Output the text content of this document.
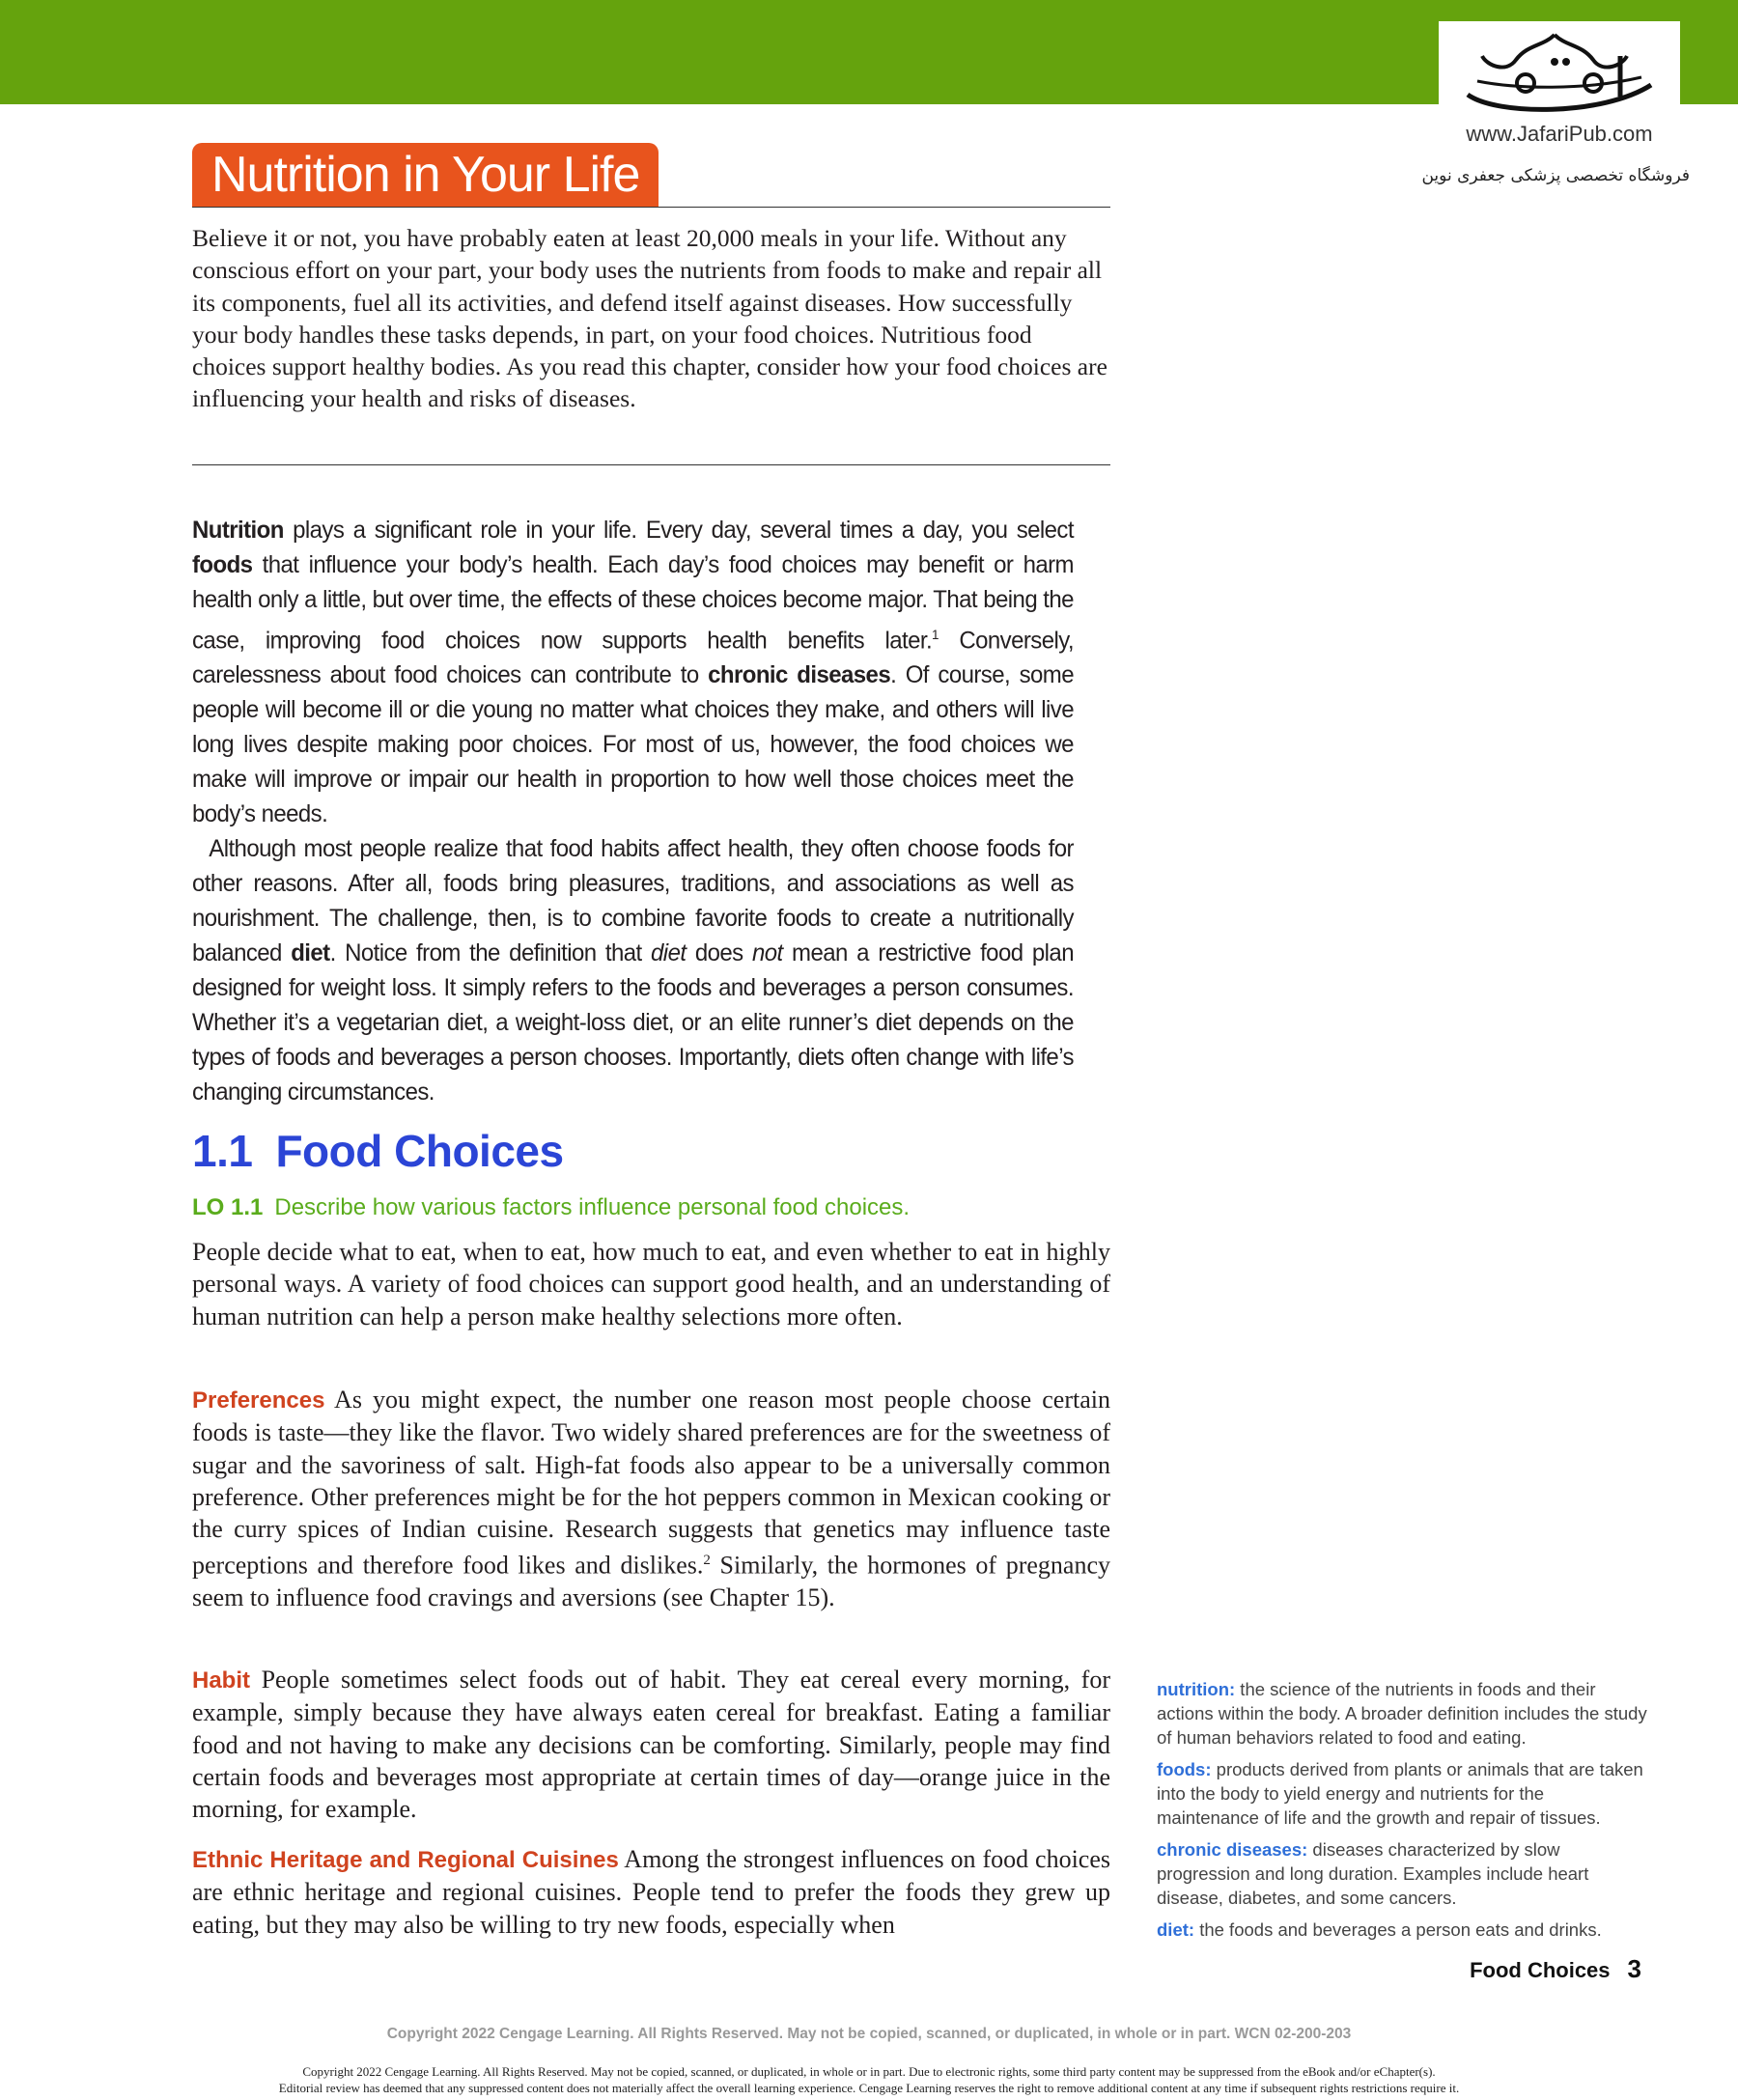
www.JafariPub.com
فروشگاه تخصصی پزشکی جعفری نوین
Nutrition in Your Life

Believe it or not, you have probably eaten at least 20,000 meals in your life. Without any conscious effort on your part, your body uses the nutrients from foods to make and repair all its components, fuel all its activities, and defend itself against diseases. How successfully your body handles these tasks depends, in part, on your food choices. Nutritious food choices support healthy bodies. As you read this chapter, consider how your food choices are influencing your health and risks of diseases.

Nutrition plays a significant role in your life. Every day, several times a day, you select foods that influence your body’s health. Each day’s food choices may benefit or harm health only a little, but over time, the effects of these choices become major. That being the case, improving food choices now supports health benefits later.$^1$ Conversely, carelessness about food choices can contribute to chronic diseases. Of course, some people will become ill or die young no matter what choices they make, and others will live long lives despite making poor choices. For most of us, however, the food choices we make will improve or impair our health in proportion to how well those choices meet the body’s needs.

Although most people realize that food habits affect health, they often choose foods for other reasons. After all, foods bring pleasures, traditions, and associations as well as nourishment. The challenge, then, is to combine favorite foods to create a nutritionally balanced diet. Notice from the definition that diet does not mean a restrictive food plan designed for weight loss. It simply refers to the foods and beverages a person consumes. Whether it’s a vegetarian diet, a weight-loss diet, or an elite runner’s diet depends on the types of foods and beverages a person chooses. Importantly, diets often change with life’s changing circumstances.

1.1 Food Choices

LO 1.1 Describe how various factors influence personal food choices.

People decide what to eat, when to eat, how much to eat, and even whether to eat in highly personal ways. A variety of food choices can support good health, and an understanding of human nutrition can help a person make healthy selections more often.

Preferences As you might expect, the number one reason most people choose certain foods is taste—they like the flavor. Two widely shared preferences are for the sweetness of sugar and the savoriness of salt. High-fat foods also appear to be a universally common preference. Other preferences might be for the hot peppers common in Mexican cooking or the curry spices of Indian cuisine. Research suggests that genetics may influence taste perceptions and therefore food likes and dislikes.$^2$ Similarly, the hormones of pregnancy seem to influence food cravings and aversions (see Chapter 15).

Habit People sometimes select foods out of habit. They eat cereal every morning, for example, simply because they have always eaten cereal for breakfast. Eating a familiar food and not having to make any decisions can be comforting. Similarly, people may find certain foods and beverages most appropriate at certain times of day—orange juice in the morning, for example.

Ethnic Heritage and Regional Cuisines Among the strongest influences on food choices are ethnic heritage and regional cuisines. People tend to prefer the foods they grew up eating, but they may also be willing to try new foods, especially when

nutrition: the science of the nutrients in foods and their actions within the body. A broader definition includes the study of human behaviors related to food and eating.
foods: products derived from plants or animals that are taken into the body to yield energy and nutrients for the maintenance of life and the growth and repair of tissues.
chronic diseases: diseases characterized by slow progression and long duration. Examples include heart disease, diabetes, and some cancers.
diet: the foods and beverages a person eats and drinks.
Food Choices 3
Copyright 2022 Cengage Learning. All Rights Reserved. May not be copied, scanned, or duplicated, in whole or in part. WCN 02-200-203
Copyright 2022 Cengage Learning. All Rights Reserved. May not be copied, scanned, or duplicated, in whole or in part. Due to electronic rights, some third party content may be suppressed from the eBook and/or eChapter(s).
Editorial review has deemed that any suppressed content does not materially affect the overall learning experience. Cengage Learning reserves the right to remove additional content at any time if subsequent rights restrictions require it.
